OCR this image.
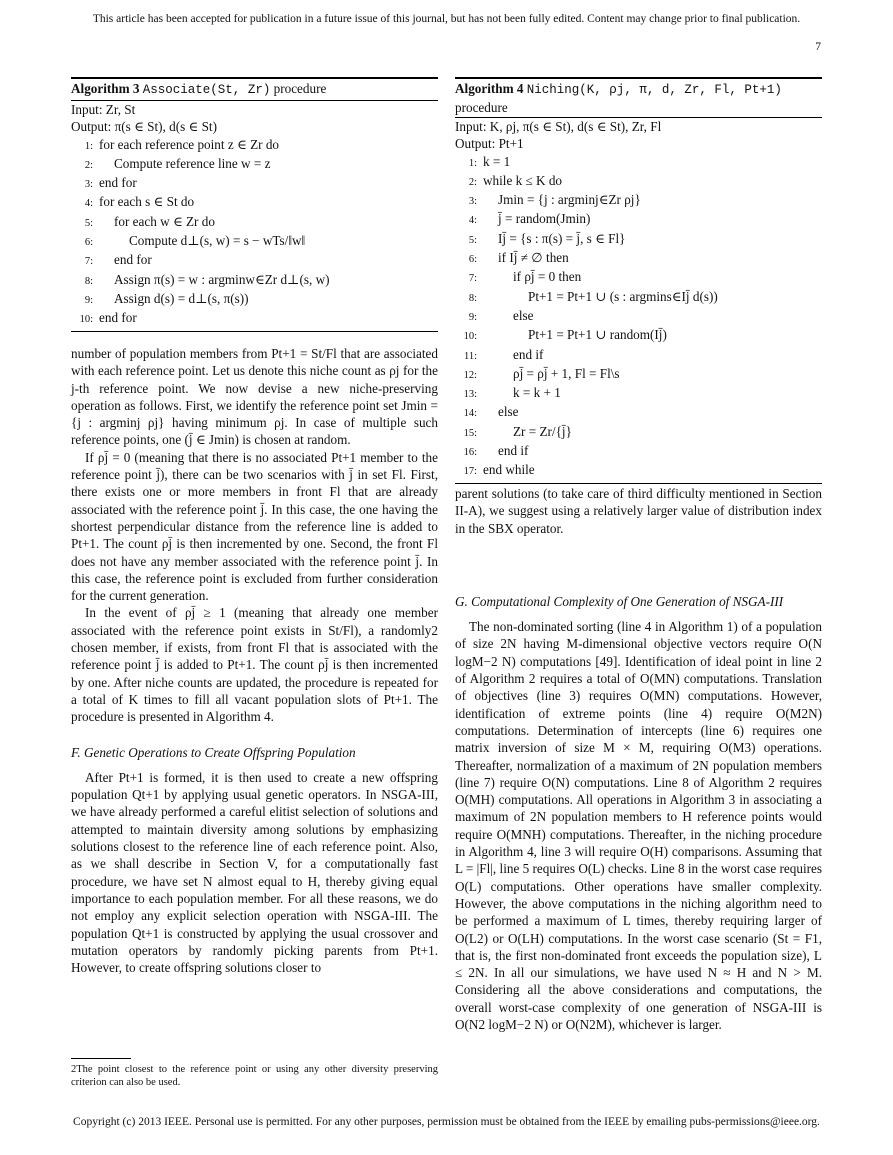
This article has been accepted for publication in a future issue of this journal, but has not been fully edited. Content may change prior to final publication.
7
Algorithm 3 Associate(St, Zr) procedure
Input: Zr, St
Output: π(s ∈ St), d(s ∈ St)
1: for each reference point z ∈ Zr do
2: Compute reference line w = z
3: end for
4: for each s ∈ St do
5: for each w ∈ Zr do
6:	Compute d⊥(s, w) = s − wTs/‖w‖
7: end for
8: Assign π(s) = w : argminw∈Zr d⊥(s, w)
9: Assign d(s) = d⊥(s, π(s))
10: end for
Algorithm 4 Niching(K, ρj, π, d, Zr, Fl, Pt+1) procedure
Input: K, ρj, π(s ∈ St), d(s ∈ St), Zr, Fl
Output: Pt+1
1: k = 1
2: while k ≤ K do
3: Jmin = {j : argminj∈Zr ρj}
4: j̄ = random(Jmin)
5: Ij̄ = {s : π(s) = j̄, s ∈ Fl}
6: if Ij̄ ≠ ∅ then
7:	if ρj̄ = 0 then
8:	Pt+1 = Pt+1 ∪ (s : argmins∈Ij̄ d(s))
9:	else
10:	Pt+1 = Pt+1 ∪ random(Ij̄)
11:	end if
12:	ρj̄ = ρj̄ + 1, Fl = Fl\s
13:	k = k + 1
14: else
15:	Zr = Zr/{j̄}
16: end if
17: end while

number of population members from Pt+1 = St/Fl that are associated with each reference point. Let us denote this niche count as ρj for the j-th reference point. We now devise a new niche-preserving operation as follows. First, we identify the reference point set Jmin = {j : argminj ρj} having minimum ρj. In case of multiple such reference points, one (j̄ ∈ Jmin) is chosen at random.

If ρj̄ = 0 (meaning that there is no associated Pt+1 member to the reference point j̄), there can be two scenarios with j̄ in set Fl. First, there exists one or more members in front Fl that are already associated with the reference point j̄. In this case, the one having the shortest perpendicular distance from the reference line is added to Pt+1. The count ρj̄ is then incremented by one. Second, the front Fl does not have any member associated with the reference point j̄. In this case, the reference point is excluded from further consideration for the current generation.

In the event of ρj̄ ≥ 1 (meaning that already one member associated with the reference point exists in St/Fl), a randomly2 chosen member, if exists, from front Fl that is associated with the reference point j̄ is added to Pt+1. The count ρj̄ is then incremented by one. After niche counts are updated, the procedure is repeated for a total of K times to fill all vacant population slots of Pt+1. The procedure is presented in Algorithm 4.

F. Genetic Operations to Create Offspring Population

After Pt+1 is formed, it is then used to create a new offspring population Qt+1 by applying usual genetic operators. In NSGA-III, we have already performed a careful elitist selection of solutions and attempted to maintain diversity among solutions by emphasizing solutions closest to the reference line of each reference point. Also, as we shall describe in Section V, for a computationally fast procedure, we have set N almost equal to H, thereby giving equal importance to each population member. For all these reasons, we do not employ any explicit selection operation with NSGA-III. The population Qt+1 is constructed by applying the usual crossover and mutation operators by randomly picking parents from Pt+1. However, to create offspring solutions closer to

2The point closest to the reference point or using any other diversity preserving criterion can also be used.

parent solutions (to take care of third difficulty mentioned in Section II-A), we suggest using a relatively larger value of distribution index in the SBX operator.

G. Computational Complexity of One Generation of NSGA-III

The non-dominated sorting (line 4 in Algorithm 1) of a population of size 2N having M-dimensional objective vectors require O(N logM−2 N) computations [49]. Identification of ideal point in line 2 of Algorithm 2 requires a total of O(MN) computations. Translation of objectives (line 3) requires O(MN) computations. However, identification of extreme points (line 4) require O(M2N) computations. Determination of intercepts (line 6) requires one matrix inversion of size M × M, requiring O(M3) operations. Thereafter, normalization of a maximum of 2N population members (line 7) require O(N) computations. Line 8 of Algorithm 2 requires O(MH) computations. All operations in Algorithm 3 in associating a maximum of 2N population members to H reference points would require O(MNH) computations. Thereafter, in the niching procedure in Algorithm 4, line 3 will require O(H) comparisons. Assuming that L = |Fl|, line 5 requires O(L) checks. Line 8 in the worst case requires O(L) computations. Other operations have smaller complexity. However, the above computations in the niching algorithm need to be performed a maximum of L times, thereby requiring larger of O(L2) or O(LH) computations. In the worst case scenario (St = F1, that is, the first non-dominated front exceeds the population size), L ≤ 2N. In all our simulations, we have used N ≈ H and N > M. Considering all the above considerations and computations, the overall worst-case complexity of one generation of NSGA-III is O(N2 logM−2 N) or O(N2M), whichever is larger.

Copyright (c) 2013 IEEE. Personal use is permitted. For any other purposes, permission must be obtained from the IEEE by emailing pubs-permissions@ieee.org.
